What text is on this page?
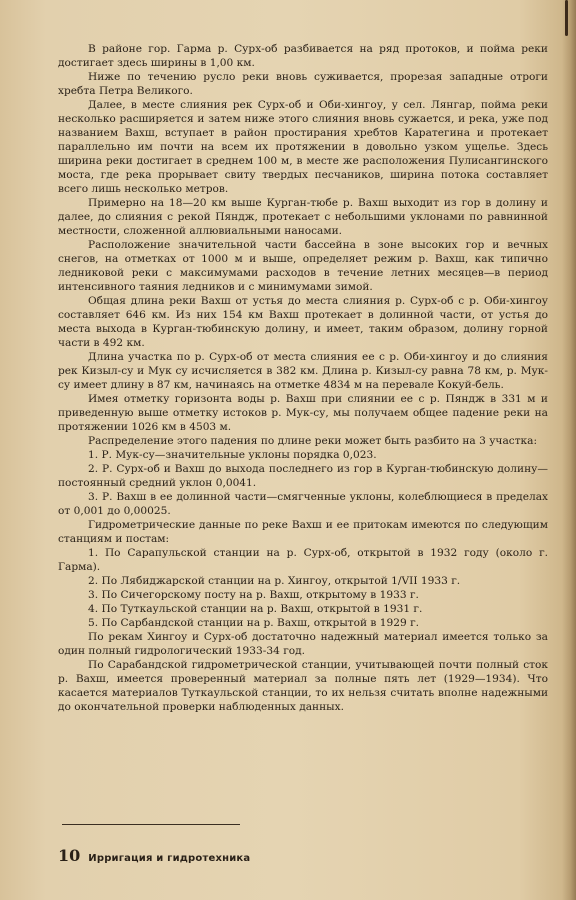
В районе гор. Гарма р. Сурх-об разбивается на ряд протоков, и пойма реки достигает здесь ширины в 1,00 км.

Ниже по течению русло реки вновь суживается, прорезая западные отроги хребта Петра Великого.

Далее, в месте слияния рек Сурх-об и Оби-хингоу, у сел. Лянгар, пойма реки несколько расширяется и затем ниже этого слияния вновь сужается, и река, уже под названием Вахш, вступает в район простирания хребтов Каратегина и протекает параллельно им почти на всем их протяжении в довольно узком ущелье. Здесь ширина реки достигает в среднем 100 м, в месте же расположения Пулисангинского моста, где река прорывает свиту твердых песчаников, ширина потока составляет всего лишь несколько метров.

Примерно на 18—20 км выше Курган-тюбе р. Вахш выходит из гор в долину и далее, до слияния с рекой Пяндж, протекает с небольшими уклонами по равнинной местности, сложенной аллювиальными наносами.

Расположение значительной части бассейна в зоне высоких гор и вечных снегов, на отметках от 1000 м и выше, определяет режим р. Вахш, как типично ледниковой реки с максимумами расходов в течение летних месяцев—в период интенсивного таяния ледников и с минимумами зимой.

Общая длина реки Вахш от устья до места слияния р. Сурх-об с р. Оби-хингоу составляет 646 км. Из них 154 км Вахш протекает в долинной части, от устья до места выхода в Курган-тюбинскую долину, и имеет, таким образом, долину горной части в 492 км.

Длина участка по р. Сурх-об от места слияния ее с р. Оби-хингоу и до слияния рек Кизыл-су и Мук су исчисляется в 382 км. Длина р. Кизыл-су равна 78 км, р. Мук-су имеет длину в 87 км, начинаясь на отметке 4834 м на перевале Кокуй-бель.

Имея отметку горизонта воды р. Вахш при слиянии ее с р. Пяндж в 331 м и приведенную выше отметку истоков р. Мук-су, мы получаем общее падение реки на протяжении 1026 км в 4503 м.

Распределение этого падения по длине реки может быть разбито на 3 участка:

1. Р. Мук-су—значительные уклоны порядка 0,023.

2. Р. Сурх-об и Вахш до выхода последнего из гор в Курган-тюбинскую долину—постоянный средний уклон 0,0041.

3. Р. Вахш в ее долинной части—смягченные уклоны, колеблющиеся в пределах от 0,001 до 0,00025.

Гидрометрические данные по реке Вахш и ее притокам имеются по следующим станциям и постам:

1. По Сарапульской станции на р. Сурх-об, открытой в 1932 году (около г. Гарма).

2. По Лябиджарской станции на р. Хингоу, открытой 1/VII 1933 г.

3. По Сичегорскому посту на р. Вахш, открытому в 1933 г.

4. По Туткаульской станции на р. Вахш, открытой в 1931 г.

5. По Сарбандской станции на р. Вахш, открытой в 1929 г.

По рекам Хингоу и Сурх-об достаточно надежный материал имеется только за один полный гидрологический 1933-34 год.

По Сарабандской гидрометрической станции, учитывающей почти полный сток р. Вахш, имеется проверенный материал за полные пять лет (1929—1934). Что касается материалов Туткаульской станции, то их нельзя считать вполне надежными до окончательной проверки наблюденных данных.

10 Ирригация и гидротехника
